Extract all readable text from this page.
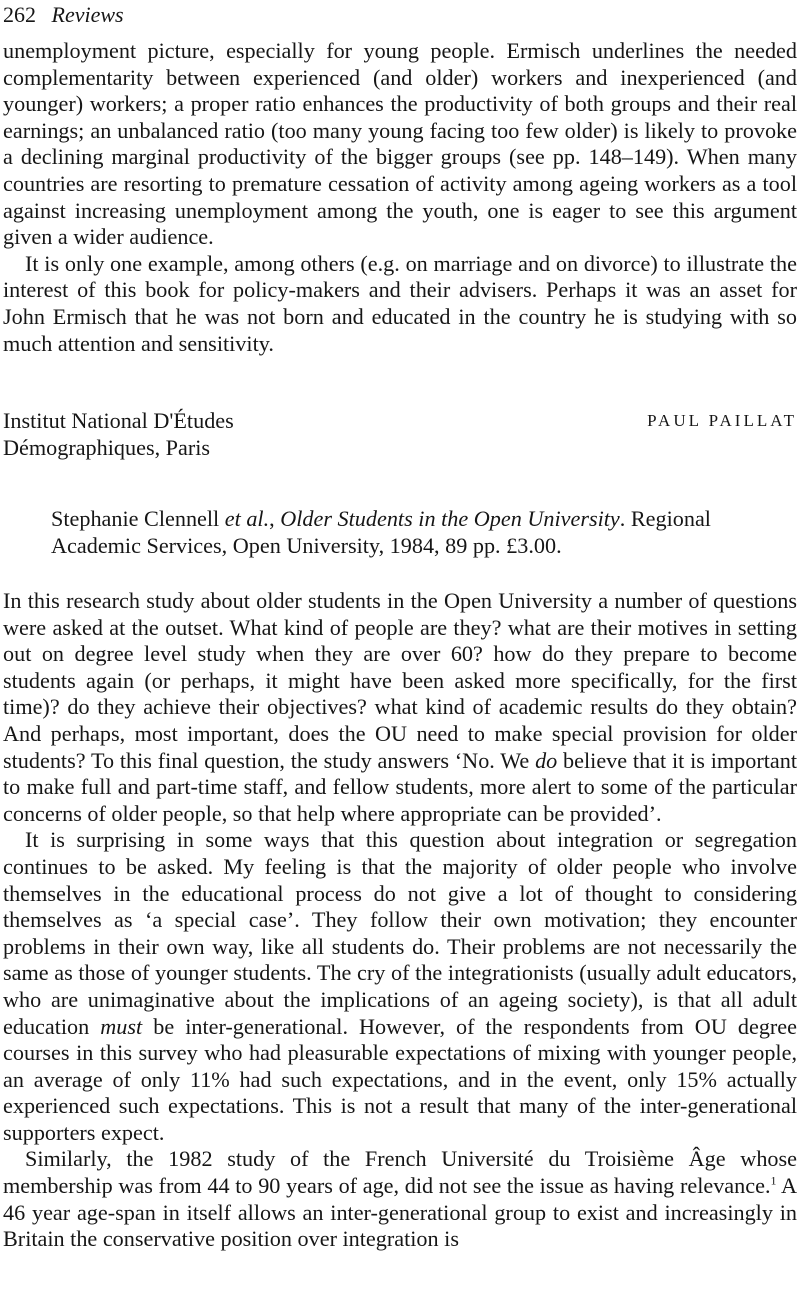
262 Reviews

unemployment picture, especially for young people. Ermisch underlines the needed complementarity between experienced (and older) workers and inexperienced (and younger) workers; a proper ratio enhances the productivity of both groups and their real earnings; an unbalanced ratio (too many young facing too few older) is likely to provoke a declining marginal productivity of the bigger groups (see pp. 148–149). When many countries are resorting to premature cessation of activity among ageing workers as a tool against increasing unemployment among the youth, one is eager to see this argument given a wider audience.

It is only one example, among others (e.g. on marriage and on divorce) to illustrate the interest of this book for policy-makers and their advisers. Perhaps it was an asset for John Ermisch that he was not born and educated in the country he is studying with so much attention and sensitivity.

Institut National D'Études
Démographiques, Paris
PAUL PAILLAT
Stephanie Clennell et al., Older Students in the Open University. Regional Academic Services, Open University, 1984, 89 pp. £3.00.

In this research study about older students in the Open University a number of questions were asked at the outset. What kind of people are they? what are their motives in setting out on degree level study when they are over 60? how do they prepare to become students again (or perhaps, it might have been asked more specifically, for the first time)? do they achieve their objectives? what kind of academic results do they obtain? And perhaps, most important, does the OU need to make special provision for older students? To this final question, the study answers ‘No. We do believe that it is important to make full and part-time staff, and fellow students, more alert to some of the particular concerns of older people, so that help where appropriate can be provided’.

It is surprising in some ways that this question about integration or segregation continues to be asked. My feeling is that the majority of older people who involve themselves in the educational process do not give a lot of thought to considering themselves as ‘a special case’. They follow their own motivation; they encounter problems in their own way, like all students do. Their problems are not necessarily the same as those of younger students. The cry of the integrationists (usually adult educators, who are unimaginative about the implications of an ageing society), is that all adult education must be inter-generational. However, of the respondents from OU degree courses in this survey who had pleasurable expectations of mixing with younger people, an average of only 11% had such expectations, and in the event, only 15% actually experienced such expectations. This is not a result that many of the inter-generational supporters expect.

Similarly, the 1982 study of the French Université du Troisième Âge whose membership was from 44 to 90 years of age, did not see the issue as having relevance.$^1$ A 46 year age-span in itself allows an inter-generational group to exist and increasingly in Britain the conservative position over integration is
